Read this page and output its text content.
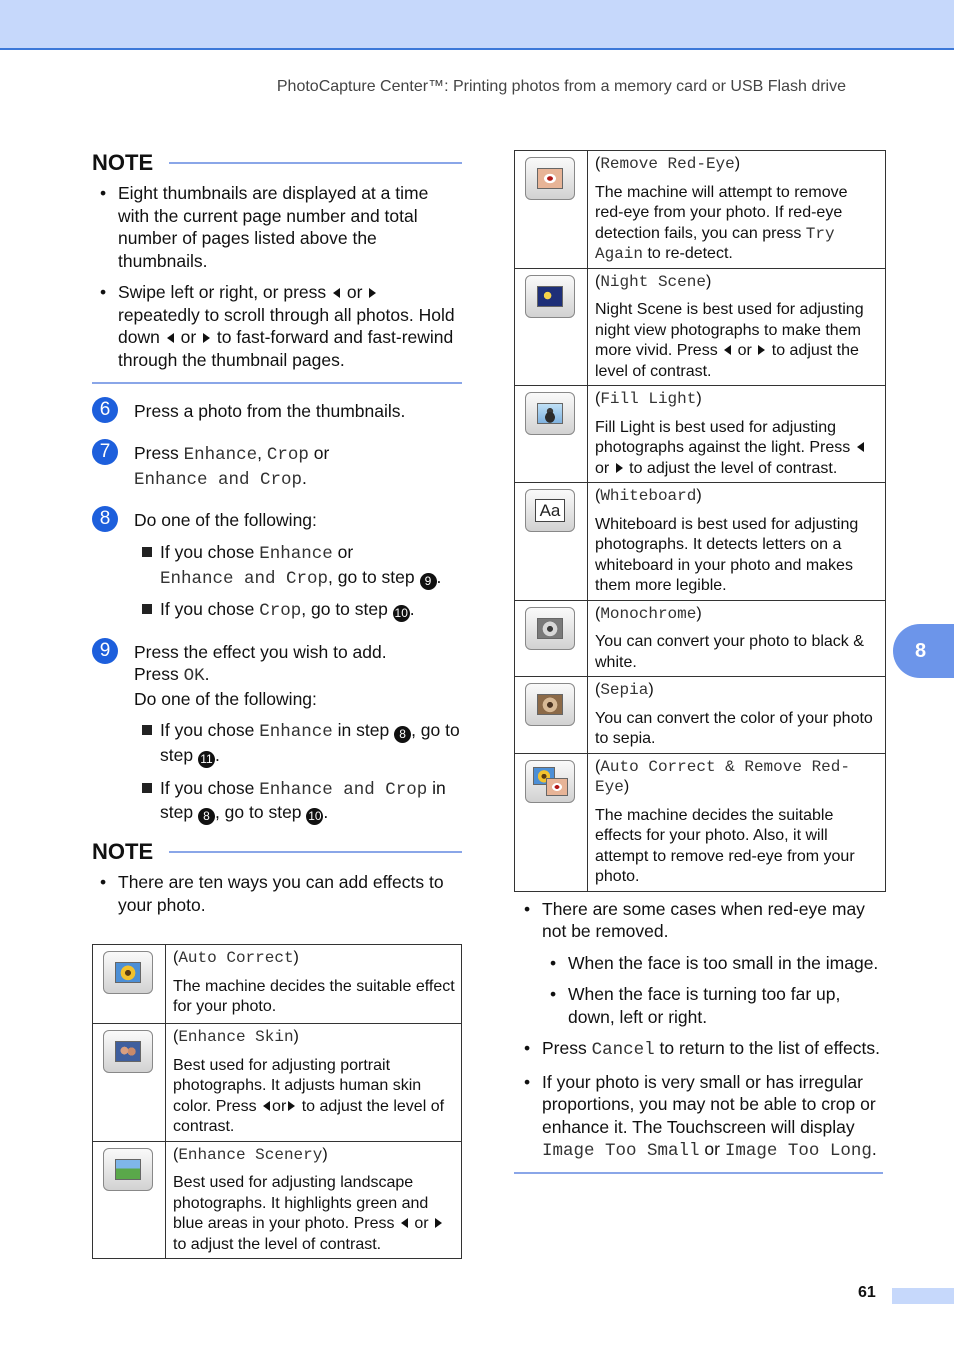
PhotoCapture Center™: Printing photos from a memory card or USB Flash drive
NOTE
• Eight thumbnails are displayed at a time with the current page number and total number of pages listed above the thumbnails.
• Swipe left or right, or press or  repeatedly to scroll through all photos. Hold down or to fast-forward and fast-rewind through the thumbnail pages.
6	Press a photo from the thumbnails.
7	Press Enhance, Crop or
Enhance and Crop.
8	Do one of the following:
If you chose Enhance or
Enhance and Crop, go to step 9 .
If you chose Crop, go to step 10 .
9	Press the effect you wish to add.
Press OK.
Do one of the following:
If you chose Enhance in step 8 , go to step 11 .
If you chose Enhance and Crop in step 8 , go to step 10 .
NOTE
• There are ten ways you can add effects to your photo.

	(Auto Correct)
The machine decides the suitable effect for your photo.

	(Enhance Skin)
Best used for adjusting portrait photographs. It adjusts human skin color. Press or to adjust the level of contrast.

	(Enhance Scenery)
Best used for adjusting landscape photographs. It highlights green and blue areas in your photo. Press or  to adjust the level of contrast.

	(Remove Red-Eye)
The machine will attempt to remove red-eye from your photo. If red-eye detection fails, you can press Try Again to re-detect.

	(Night Scene)
Night Scene is best used for adjusting night view photographs to make them more vivid. Press or to adjust the level of contrast.

	(Fill Light)
Fill Light is best used for adjusting photographs against the light. Press
or to adjust the level of contrast.

Aa	(Whiteboard)
Whiteboard is best used for adjusting photographs. It detects letters on a whiteboard in your photo and makes them more legible.

	(Monochrome)
You can convert your photo to black & white.

	(Sepia)
You can convert the color of your photo to sepia.

	(Auto Correct & Remove Red-Eye)
The machine decides the suitable effects for your photo. Also, it will attempt to remove red-eye from your photo.
• There are some cases when red-eye may not be removed.
• When the face is too small in the image.
• When the face is turning too far up, down, left or right.
• Press Cancel to return to the list of effects.
• If your photo is very small or has irregular proportions, you may not be able to crop or enhance it. The Touchscreen will display Image Too Small or Image Too Long.
8
61
